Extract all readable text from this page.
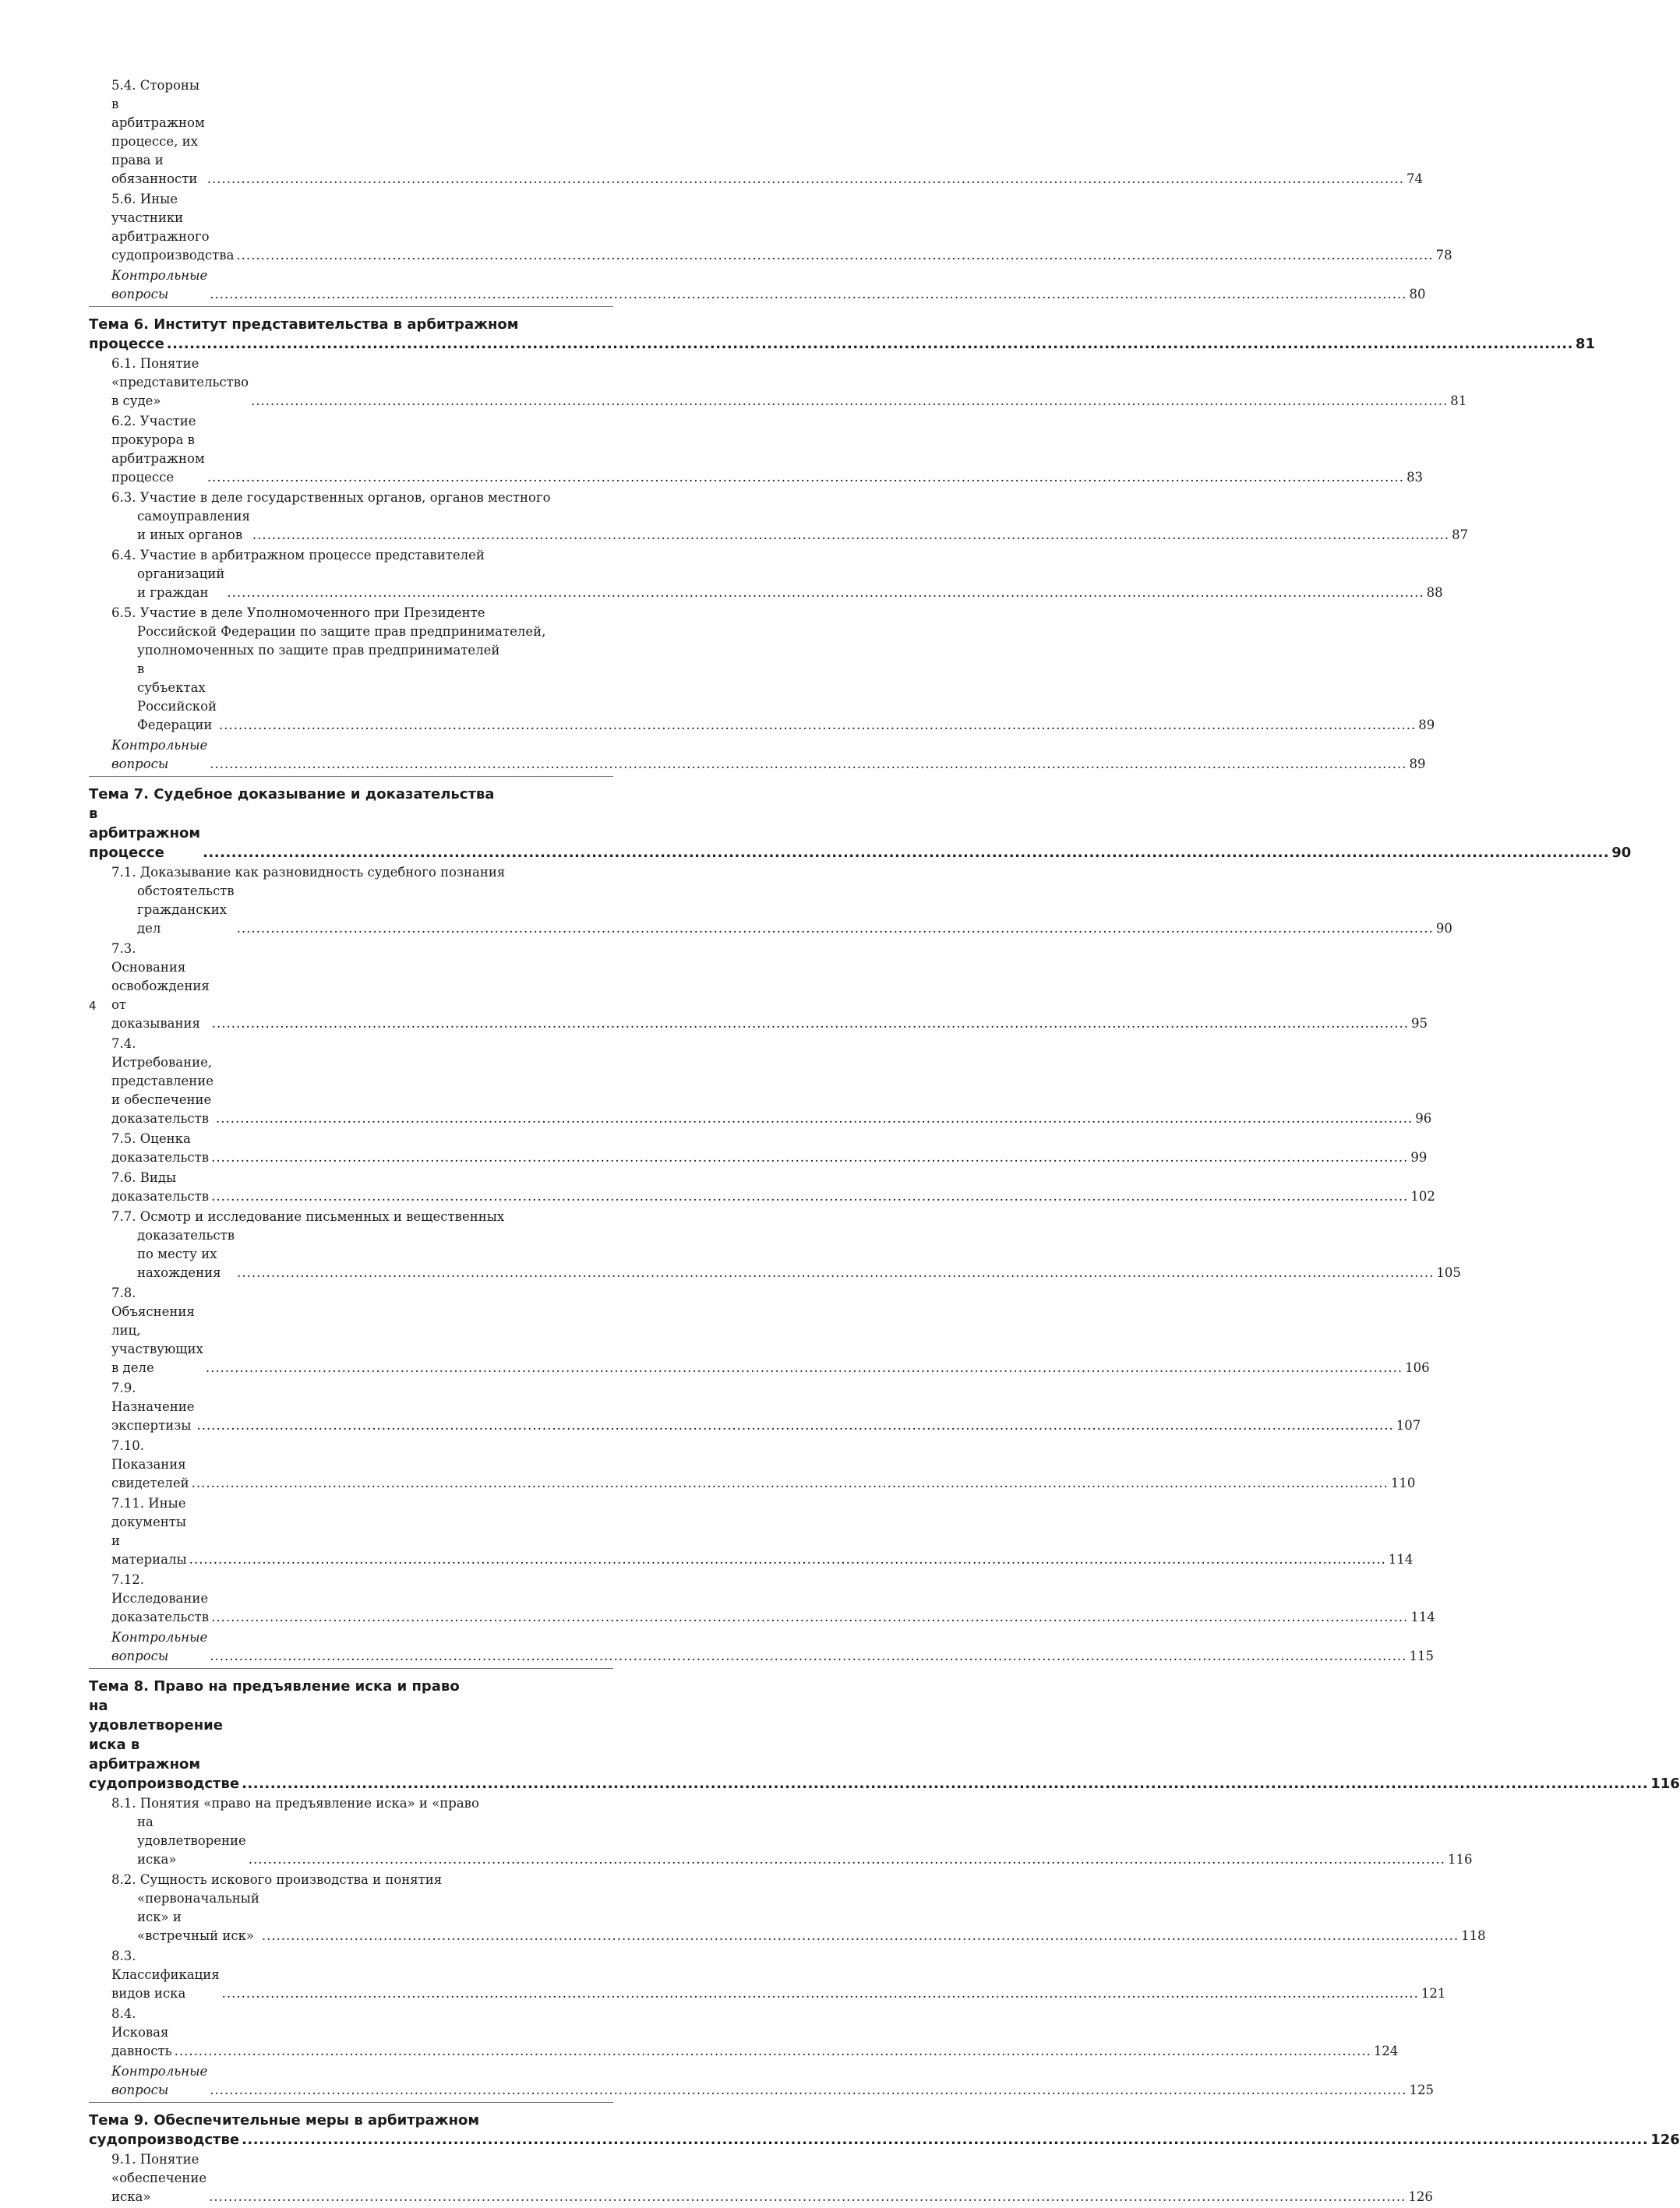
5.4. Стороны в арбитражном процессе, их права и обязанности .....	74
5.6. Иные участники арбитражного судопроизводства .....	78
Контрольные вопросы .....	80
Тема 6. Институт представительства в арбитражном
процессе .....	81
6.1. Понятие «представительство в суде» .....	81
6.2. Участие прокурора в арбитражном процессе .....	83
6.3. Участие в деле государственных органов, органов местного
самоуправления и иных органов .....	87
6.4. Участие в арбитражном процессе представителей
организаций и граждан .....	88
6.5. Участие в деле Уполномоченного при Президенте
Российской Федерации по защите прав предпринимателей,
уполномоченных по защите прав предпринимателей
в субъектах Российской Федерации .....	89
Контрольные вопросы .....	89
Тема 7. Судебное доказывание и доказательства
в арбитражном процессе .....	90
7.1. Доказывание как разновидность судебного познания
обстоятельств гражданских дел .....	90
7.3. Основания освобождения от доказывания .....	95
7.4. Истребование, представление и обеспечение доказательств .....	96
7.5. Оценка доказательств .....	99
7.6. Виды доказательств .....	102
7.7. Осмотр и исследование письменных и вещественных
доказательств по месту их нахождения .....	105
7.8. Объяснения лиц, участвующих в деле .....	106
7.9. Назначение экспертизы .....	107
7.10. Показания свидетелей .....	110
7.11. Иные документы и материалы .....	114
7.12. Исследование доказательств .....	114
Контрольные вопросы .....	115
Тема 8. Право на предъявление иска и право
на удовлетворение иска в арбитражном судопроизводстве .....	116
8.1. Понятия «право на предъявление иска» и «право
на удовлетворение иска» .....	116
8.2. Сущность искового производства и понятия
«первоначальный иск» и «встречный иск» .....	118
8.3. Классификация видов иска .....	121
8.4. Исковая давность .....	124
Контрольные вопросы .....	125
Тема 9. Обеспечительные меры в арбитражном
судопроизводстве .....	126
9.1. Понятие «обеспечение иска» .....	126
4
